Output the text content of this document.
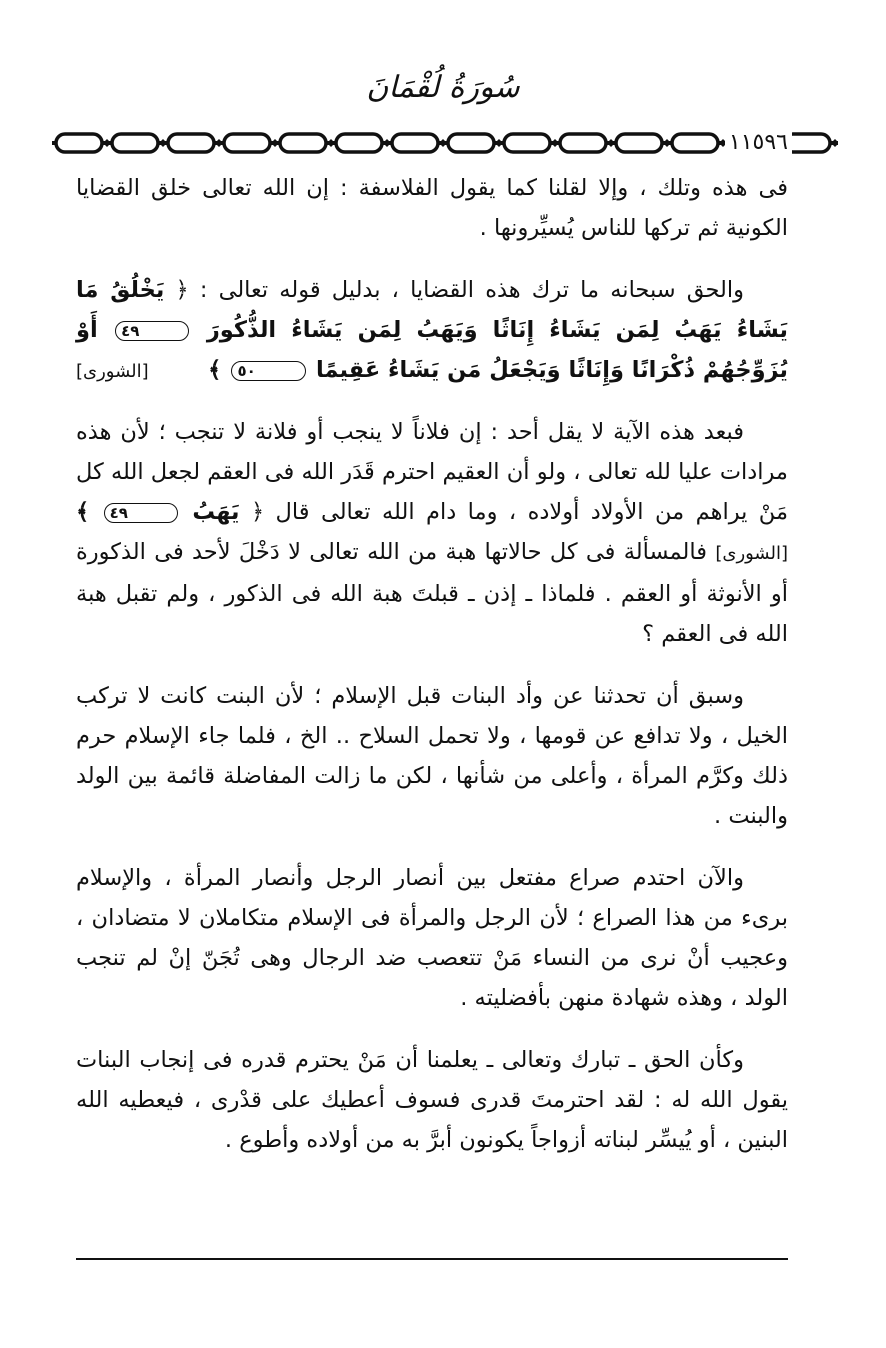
سُورَةُ لُقْمَانَ
١١٥٩٦

فى هذه وتلك ، وإلا لقلنا كما يقول الفلاسفة : إن الله تعالى خلق القضايا الكونية ثم تركها للناس يُسيِّرونها .

والحق سبحانه ما ترك هذه القضايا ، بدليل قوله تعالى : ﴿ يَخْلُقُ مَا يَشَاءُ يَهَبُ لِمَن يَشَاءُ إِنَاثًا وَيَهَبُ لِمَن يَشَاءُ الذُّكُورَ ٤٩ أَوْ يُزَوِّجُهُمْ ذُكْرَانًا وَإِنَاثًا وَيَجْعَلُ مَن يَشَاءُ عَقِيمًا ٥٠ ﴾
[الشورى]

فبعد هذه الآية لا يقل أحد : إن فلاناً لا ينجب أو فلانة لا تنجب ؛ لأن هذه مرادات عليا لله تعالى ، ولو أن العقيم احترم قَدَر الله فى العقم لجعل الله كل مَنْ يراهم من الأولاد أولاده ، وما دام الله تعالى قال ﴿ يَهَبُ ٤٩ ﴾ [الشورى] فالمسألة فى كل حالاتها هبة من الله تعالى لا دَخْلَ لأحد فى الذكورة أو الأنوثة أو العقم . فلماذا ـ إذن ـ قبلتَ هبة الله فى الذكور ، ولم تقبل هبة الله فى العقم ؟

وسبق أن تحدثنا عن وأد البنات قبل الإسلام ؛ لأن البنت كانت لا تركب الخيل ، ولا تدافع عن قومها ، ولا تحمل السلاح .. الخ ، فلما جاء الإسلام حرم ذلك وكرَّم المرأة ، وأعلى من شأنها ، لكن ما زالت المفاضلة قائمة بين الولد والبنت .

والآن احتدم صراع مفتعل بين أنصار الرجل وأنصار المرأة ، والإسلام برىء من هذا الصراع ؛ لأن الرجل والمرأة فى الإسلام متكاملان لا متضادان ، وعجيب أنْ نرى من النساء مَنْ تتعصب ضد الرجال وهى تُجَنّ إنْ لم تنجب الولد ، وهذه شهادة منهن بأفضليته .

وكأن الحق ـ تبارك وتعالى ـ يعلمنا أن مَنْ يحترم قدره فى إنجاب البنات يقول الله له : لقد احترمتَ قدرى فسوف أعطيك على قدْرى ، فيعطيه الله البنين ، أو يُيسِّر لبناته أزواجاً يكونون أبرَّ به من أولاده وأطوع .
